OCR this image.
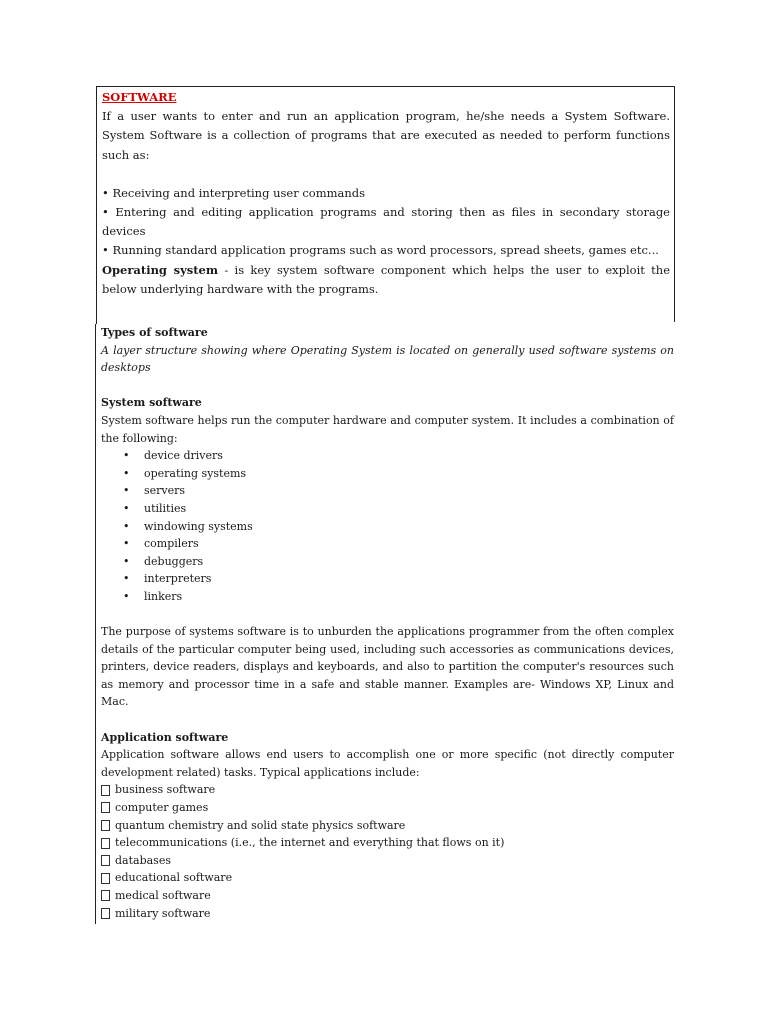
SOFTWARE

If a user wants to enter and run an application program, he/she needs a System Software. System Software is a collection of programs that are executed as needed to perform functions such as:

• Receiving and interpreting user commands

• Entering and editing application programs and storing then as files in secondary storage devices

• Running standard application programs such as word processors, spread sheets, games etc...

Operating system - is key system software component which helps the user to exploit the below underlying hardware with the programs.

Types of software

A layer structure showing where Operating System is located on generally used software systems on desktops

System software

System software helps run the computer hardware and computer system. It includes a combination of the following:

• device drivers
• operating systems
• servers
• utilities
• windowing systems
• compilers
• debuggers
• interpreters
• linkers

The purpose of systems software is to unburden the applications programmer from the often complex details of the particular computer being used, including such accessories as communications devices, printers, device readers, displays and keyboards, and also to partition the computer's resources such as memory and processor time in a safe and stable manner. Examples are- Windows XP, Linux and Mac.

Application software

Application software allows end users to accomplish one or more specific (not directly computer development related) tasks. Typical applications include:

business software
computer games
quantum chemistry and solid state physics software
telecommunications (i.e., the internet and everything that flows on it)
databases
educational software
medical software
military software
